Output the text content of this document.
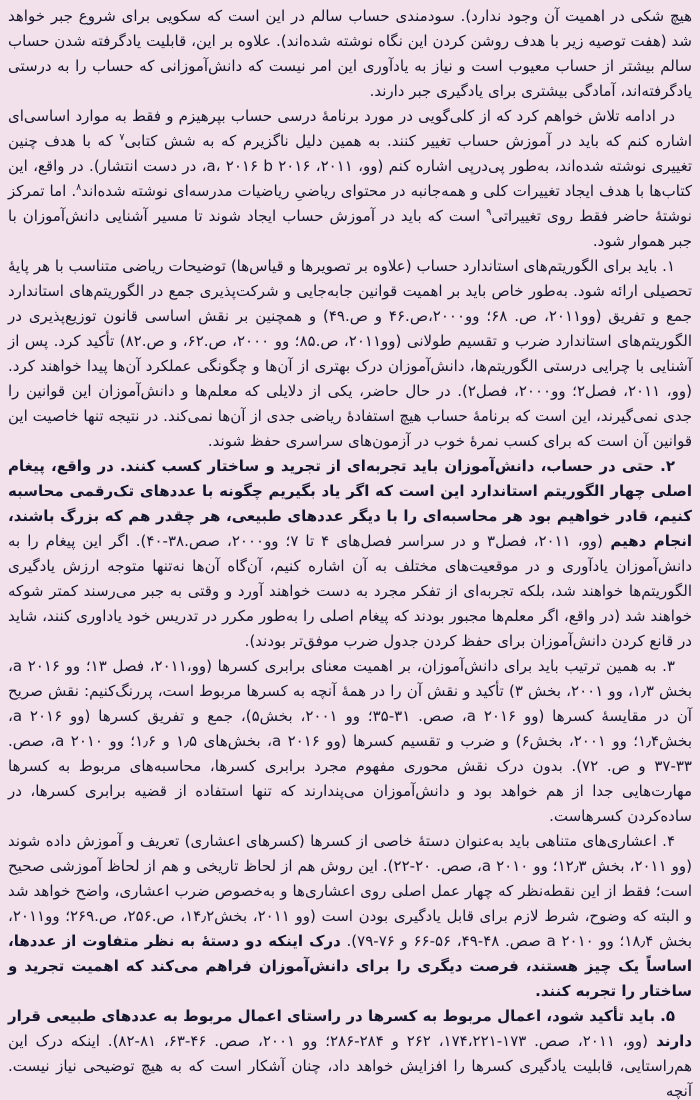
هیچ شکی در اهمیت آن وجود ندارد). سودمندی حساب سالم در این است که سکویی برای شروع جبر خواهد شد (هفت توصیه زیر با هدف روشن کردن این نگاه نوشته شده‌اند). علاوه بر این، قابلیت یادگرفته شدن حساب سالم بیشتر از حساب معیوب است و نیاز به یادآوری این امر نیست که دانش‌آموزانی که حساب را به درستی یادگرفته‌اند، آمادگی بیشتری برای یادگیری جبر دارند.

در ادامه تلاش خواهم کرد که از کلی‌گویی در مورد برنامهٔ درسی حساب بپرهیزم و فقط به موارد اساسی‌ای اشاره کنم که باید در آموزش حساب تغییر کنند. به همین دلیل ناگزیرم که به شش کتابی$^۷$ که با هدف چنین تغییری نوشته شده‌اند، به‌طور پی‌درپی اشاره کنم (وو، ۲۰۱۱، ۲۰۱۶ a، ۲۰۱۶ b، در دست انتشار). در واقع، این کتاب‌ها با هدف ایجاد تغییرات کلی و همه‌جانبه در محتوای ریاضیِ ریاضیات مدرسه‌ای نوشته شده‌اند$^۸$. اما تمرکز نوشتهٔ حاضر فقط روی تغییراتی$^۹$ است که باید در آموزش حساب ایجاد شوند تا مسیر آشنایی دانش‌آموزان با جبر هموار شود.

۱. باید برای الگوریتم‌های استاندارد حساب (علاوه بر تصویرها و قیاس‌ها) توضیحات ریاضی متناسب با هر پایهٔ تحصیلی ارائه شود. به‌طور خاص باید بر اهمیت قوانین جابه‌جایی و شرکت‌پذیری جمع در الگوریتم‌های استاندارد جمع و تفریق (وو۲۰۱۱، ص. ۶۸؛ وو۲۰۰۰،ص.۴۶ و ص.۴۹) و همچنین بر نقش اساسی قانون توزیع‌پذیری در الگوریتم‌های استاندارد ضرب و تقسیم طولانی (وو۲۰۱۱، ص.۸۵؛ وو ۲۰۰۰، ص.۶۲، و ص.۸۲) تأکید کرد. پس از آشنایی با چرایی درستی الگوریتم‌ها، دانش‌آموزان درک بهتری از آن‌ها و چگونگی عملکرد آن‌ها پیدا خواهند کرد. (وو، ۲۰۱۱، فصل۲؛ وو۲۰۰۰، فصل۲). در حال حاضر، یکی از دلایلی که معلم‌ها و دانش‌آموزان این قوانین را جدی نمی‌گیرند، این است که برنامهٔ حساب هیچ استفادهٔ ریاضی جدی از آن‌ها نمی‌کند. در نتیجه تنها خاصیت این قوانین آن است که برای کسب نمرهٔ خوب در آزمون‌های سراسری حفظ شوند.

۲. حتی در حساب، دانش‌آموزان باید تجربه‌ای از تجرید و ساختار کسب کنند. در واقع، پیغام اصلی چهار الگوریتم استاندارد این است که اگر یاد بگیریم چگونه با عددهای تک‌رقمی محاسبه کنیم، قادر خواهیم بود هر محاسبه‌ای را با دیگر عددهای طبیعی، هر چقدر هم که بزرگ باشند، انجام دهیم (وو، ۲۰۱۱، فصل۳ و در سراسر فصل‌های ۴ تا ۷؛ وو۲۰۰۰، صص.۳۸-۴۰). اگر این پیغام را به دانش‌آموزان یادآوری و در موقعیت‌های مختلف به آن اشاره کنیم، آن‌گاه آن‌ها نه‌تنها متوجه ارزش یادگیری الگوریتم‌ها خواهند شد، بلکه تجربه‌ای از تفکر مجرد به دست خواهند آورد و وقتی به جبر می‌رسند کمتر شوکه خواهند شد (در واقع، اگر معلم‌ها مجبور بودند که پیغام اصلی را به‌طور مکرر در تدریس خود یاداوری کنند، شاید در قانع کردن دانش‌آموزان برای حفظ کردن جدول ضرب موفق‌تر بودند).

۳. به همین ترتیب باید برای دانش‌آموزان، بر اهمیت معنای برابری کسرها (وو،۲۰۱۱، فصل ۱۳؛ وو ۲۰۱۶ a، بخش ۱٫۳، وو ۲۰۰۱، بخش ۳) تأکید و نقش آن را در همهٔ آنچه به کسرها مربوط است، پررنگ‌کنیم: نقش صریح آن در مقایسهٔ کسرها (وو ۲۰۱۶ a، صص. ۳۱-۳۵؛ وو ۲۰۰۱، بخش۵)، جمع و تفریق کسرها (وو ۲۰۱۶ a، بخش۱٫۴؛ وو ۲۰۰۱، بخش۶) و ضرب و تقسیم کسرها (وو ۲۰۱۶ a، بخش‌های ۱٫۵ و ۱٫۶؛ وو ۲۰۱۰ a، صص. ۳۳-۳۷ و ص. ۷۲). بدون درک نقش محوری مفهوم مجرد برابری کسرها، محاسبه‌های مربوط به کسرها مهارت‌هایی جدا از هم خواهد بود و دانش‌آموزان می‌پندارند که تنها استفاده از قضیه برابری کسرها، در ساده‌کردن کسرهاست.

۴. اعشاری‌های متناهی باید به‌عنوان دستهٔ خاصی از کسرها (کسرهای اعشاری) تعریف و آموزش داده شوند (وو ۲۰۱۱، بخش ۱۲٫۳؛ وو ۲۰۱۰ a، صص. ۲۰-۲۲). این روش هم از لحاظ تاریخی و هم از لحاظ آموزشی صحیح است؛ فقط از این نقطه‌نظر که چهار عمل اصلی روی اعشاری‌ها و به‌خصوص ضرب اعشاری، واضح خواهد شد و البته که وضوح، شرط لازم برای قابل یادگیری بودن است (وو ۲۰۱۱، بخش۱۴٫۲، ص.۲۵۶، ص.۲۶۹؛ وو۲۰۱۱، بخش ۱۸٫۴؛ وو ۲۰۱۰ a صص. ۴۸-۴۹، ۵۶-۶۶ و ۷۶-۷۹). درک اینکه دو دستهٔ به نظر متفاوت از عددها، اساساً یک چیز هستند، فرصت دیگری را برای دانش‌آموزان فراهم می‌کند که اهمیت تجرید و ساختار را تجربه کنند.

۵. باید تأکید شود، اعمال مربوط به کسرها در راستای اعمال مربوط به عددهای طبیعی قرار دارند (وو، ۲۰۱۱، صص. ۱۷۳-۱۷۴،۲۲۱، ۲۶۲ و ۲۸۴-۲۸۶؛ وو ۲۰۰۱، صص. ۴۶-۶۳، ۸۱-۸۲). اینکه درک این هم‌راستایی، قابلیت یادگیری کسرها را افزایش خواهد داد، چنان آشکار است که به هیچ توضیحی نیاز نیست. آنچه
